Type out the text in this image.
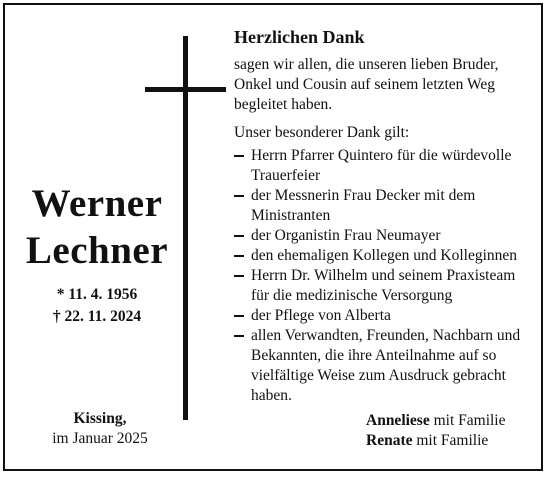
Werner
Lechner
* 11. 4. 1956
† 22. 11. 2024
Kissing,
im Januar 2025
Herzlichen Dank
sagen wir allen, die unseren lieben Bruder, Onkel und Cousin auf seinem letzten Weg begleitet haben.
Unser besonderer Dank gilt:
Herrn Pfarrer Quintero für die würdevolle Trauerfeier
der Messnerin Frau Decker mit dem Ministranten
der Organistin Frau Neumayer
den ehemaligen Kollegen und Kolleginnen
Herrn Dr. Wilhelm und seinem Praxisteam für die medizinische Versorgung
der Pflege von Alberta
allen Verwandten, Freunden, Nachbarn und Bekannten, die ihre Anteilnahme auf so vielfältige Weise zum Ausdruck gebracht haben.
Anneliese mit Familie
Renate mit Familie
